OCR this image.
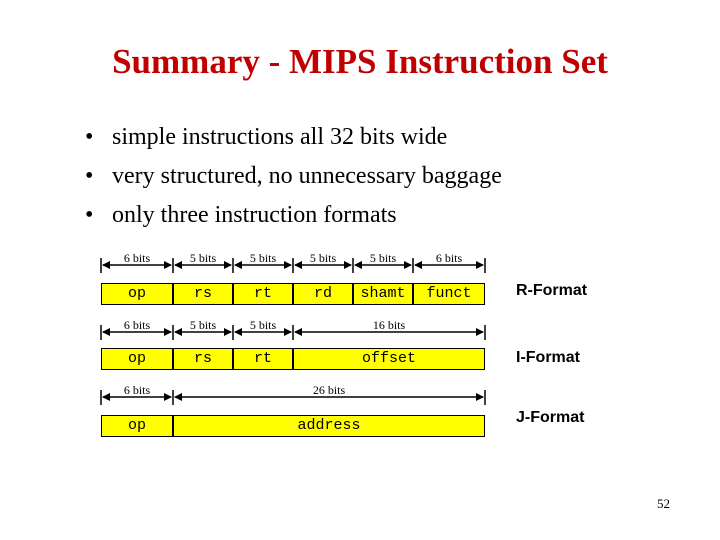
Summary - MIPS Instruction Set
• simple instructions all 32 bits wide
• very structured, no unnecessary baggage
• only three instruction formats
6 bits	5 bits	5 bits	5 bits	5 bits	6 bits
op	rs	rt	rd	shamt	funct	R-Format
6 bits	5 bits	5 bits	16 bits
op	rs	rt	offset	I-Format
6 bits	26 bits
op	address	J-Format
52
